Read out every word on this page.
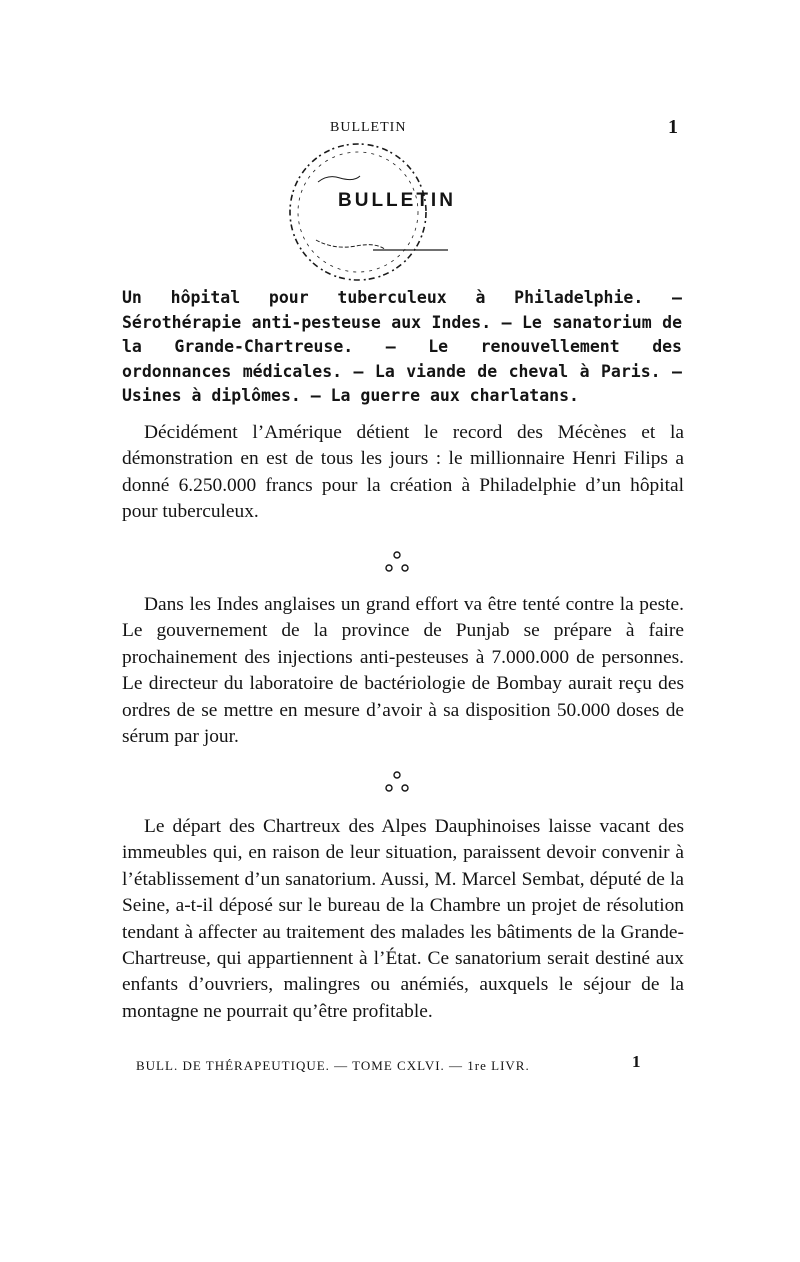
BULLETIN	1
BULLETIN

Un hôpital pour tuberculeux à Philadelphie. — Sérothérapie anti-pesteuse aux Indes. — Le sanatorium de la Grande-Chartreuse. — Le renouvellement des ordonnances médicales. — La viande de cheval à Paris. — Usines à diplômes. — La guerre aux charlatans.

Décidément l’Amérique détient le record des Mécènes et la démonstration en est de tous les jours : le millionnaire Henri Filips a donné 6.250.000 francs pour la création à Philadelphie d’un hôpital pour tuberculeux.

Dans les Indes anglaises un grand effort va être tenté contre la peste. Le gouvernement de la province de Punjab se prépare à faire prochainement des injections anti-pesteuses à 7.000.000 de personnes. Le directeur du laboratoire de bactériologie de Bombay aurait reçu des ordres de se mettre en mesure d’avoir à sa disposition 50.000 doses de sérum par jour.

Le départ des Chartreux des Alpes Dauphinoises laisse vacant des immeubles qui, en raison de leur situation, paraissent devoir convenir à l’établissement d’un sanatorium. Aussi, M. Marcel Sembat, député de la Seine, a-t-il déposé sur le bureau de la Chambre un projet de résolution tendant à affecter au traitement des malades les bâtiments de la Grande-Chartreuse, qui appartiennent à l’État. Ce sanatorium serait destiné aux enfants d’ouvriers, malingres ou anémiés, auxquels le séjour de la montagne ne pourrait qu’être profitable.

BULL. DE THÉRAPEUTIQUE. — TOME CXLVI. — 1re LIVR.	1
